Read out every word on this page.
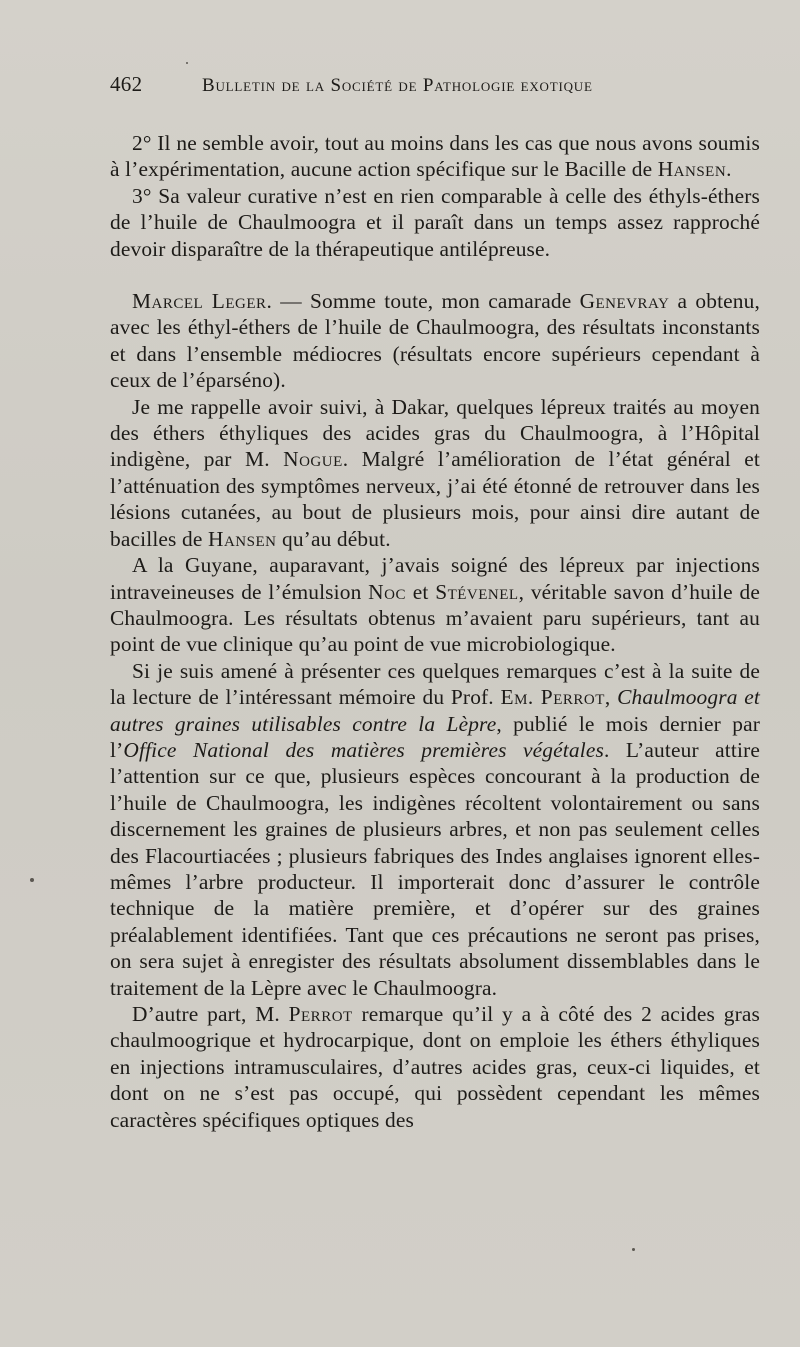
462	Bulletin de la Société de Pathologie exotique

2° Il ne semble avoir, tout au moins dans les cas que nous avons soumis à l’expérimentation, aucune action spécifique sur le Bacille de Hansen.

3° Sa valeur curative n’est en rien comparable à celle des éthyls-éthers de l’huile de Chaulmoogra et il paraît dans un temps assez rapproché devoir disparaître de la thérapeutique antilépreuse.

Marcel Leger. — Somme toute, mon camarade Genevray a obtenu, avec les éthyl-éthers de l’huile de Chaulmoogra, des résultats inconstants et dans l’ensemble médiocres (résultats encore supérieurs cependant à ceux de l’éparséno).

Je me rappelle avoir suivi, à Dakar, quelques lépreux traités au moyen des éthers éthyliques des acides gras du Chaulmoogra, à l’Hôpital indigène, par M. Nogue. Malgré l’amélioration de l’état général et l’atténuation des symptômes nerveux, j’ai été étonné de retrouver dans les lésions cutanées, au bout de plusieurs mois, pour ainsi dire autant de bacilles de Hansen qu’au début.

A la Guyane, auparavant, j’avais soigné des lépreux par injections intraveineuses de l’émulsion Noc et Stévenel, véritable savon d’huile de Chaulmoogra. Les résultats obtenus m’avaient paru supérieurs, tant au point de vue clinique qu’au point de vue microbiologique.

Si je suis amené à présenter ces quelques remarques c’est à la suite de la lecture de l’intéressant mémoire du Prof. Em. Perrot, Chaulmoogra et autres graines utilisables contre la Lèpre, publié le mois dernier par l’Office National des matières premières végétales. L’auteur attire l’attention sur ce que, plusieurs espèces concourant à la production de l’huile de Chaulmoogra, les indigènes récoltent volontairement ou sans discernement les graines de plusieurs arbres, et non pas seulement celles des Flacourtiacées ; plusieurs fabriques des Indes anglaises ignorent elles-mêmes l’arbre producteur. Il importerait donc d’assurer le contrôle technique de la matière première, et d’opérer sur des graines préalablement identifiées. Tant que ces précautions ne seront pas prises, on sera sujet à enregister des résultats absolument dissemblables dans le traitement de la Lèpre avec le Chaulmoogra.

D’autre part, M. Perrot remarque qu’il y a à côté des 2 acides gras chaulmoogrique et hydrocarpique, dont on emploie les éthers éthyliques en injections intramusculaires, d’autres acides gras, ceux-ci liquides, et dont on ne s’est pas occupé, qui possèdent cependant les mêmes caractères spécifiques optiques des
